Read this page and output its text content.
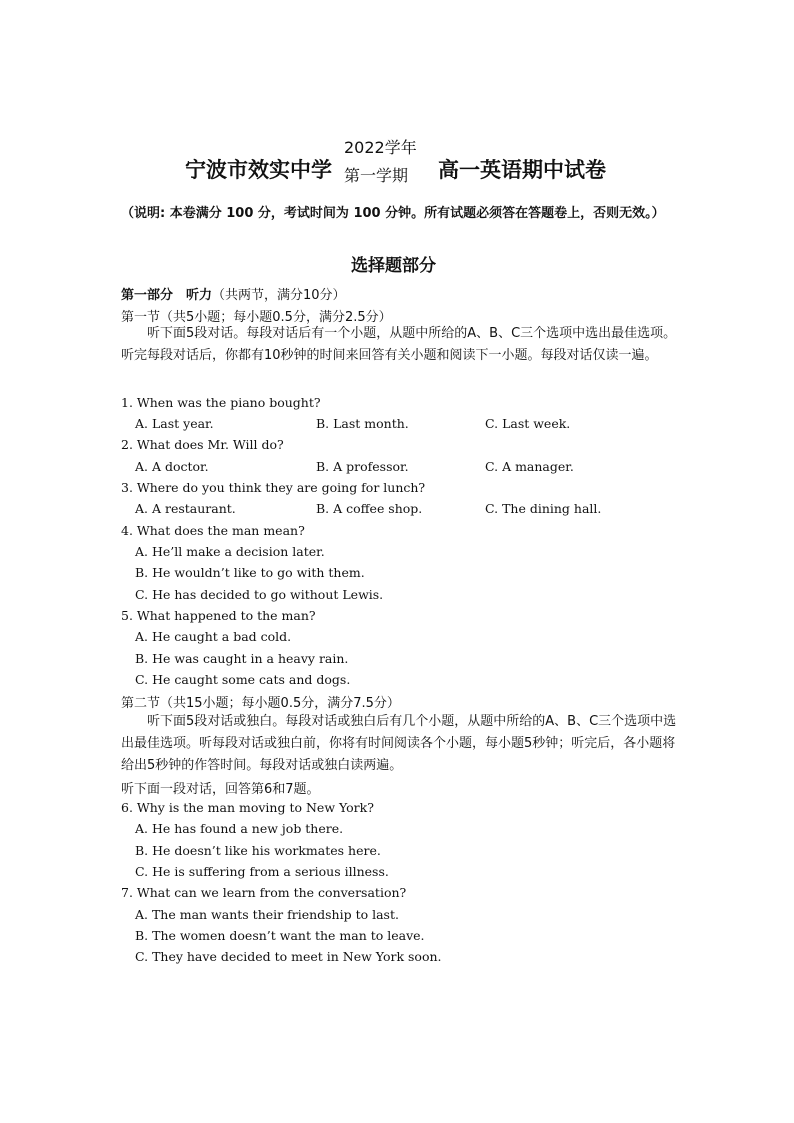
宁波市效实中学
2022学年
第一学期 高一英语期中试卷
（说明: 本卷满分 100 分，考试时间为 100 分钟。所有试题必须答在答题卷上，否则无效。）
选择题部分
第一部分　听力（共两节，满分10分）
第一节（共5小题；每小题0.5分，满分2.5分）
听下面5段对话。每段对话后有一个小题，从题中所给的A、B、C三个选项中选出最佳选项。听完每段对话后，你都有10秒钟的时间来回答有关小题和阅读下一小题。每段对话仅读一遍。
1. When was the piano bought?
A. Last year.	B. Last month.	C. Last week.
2. What does Mr. Will do?
A. A doctor.	B. A professor.	C. A manager.
3. Where do you think they are going for lunch?
A. A restaurant.	B. A coffee shop.	C. The dining hall.
4. What does the man mean?
A. He’ll make a decision later.
B. He wouldn’t like to go with them.
C. He has decided to go without Lewis.
5. What happened to the man?
A. He caught a bad cold.
B. He was caught in a heavy rain.
C. He caught some cats and dogs.
第二节（共15小题；每小题0.5分，满分7.5分）
听下面5段对话或独白。每段对话或独白后有几个小题，从题中所给的A、B、C三个选项中选出最佳选项。听每段对话或独白前，你将有时间阅读各个小题，每小题5秒钟；听完后，各小题将给出5秒钟的作答时间。每段对话或独白读两遍。
听下面一段对话，回答第6和7题。
6. Why is the man moving to New York?
A. He has found a new job there.
B. He doesn’t like his workmates here.
C. He is suffering from a serious illness.
7. What can we learn from the conversation?
A. The man wants their friendship to last.
B. The women doesn’t want the man to leave.
C. They have decided to meet in New York soon.
